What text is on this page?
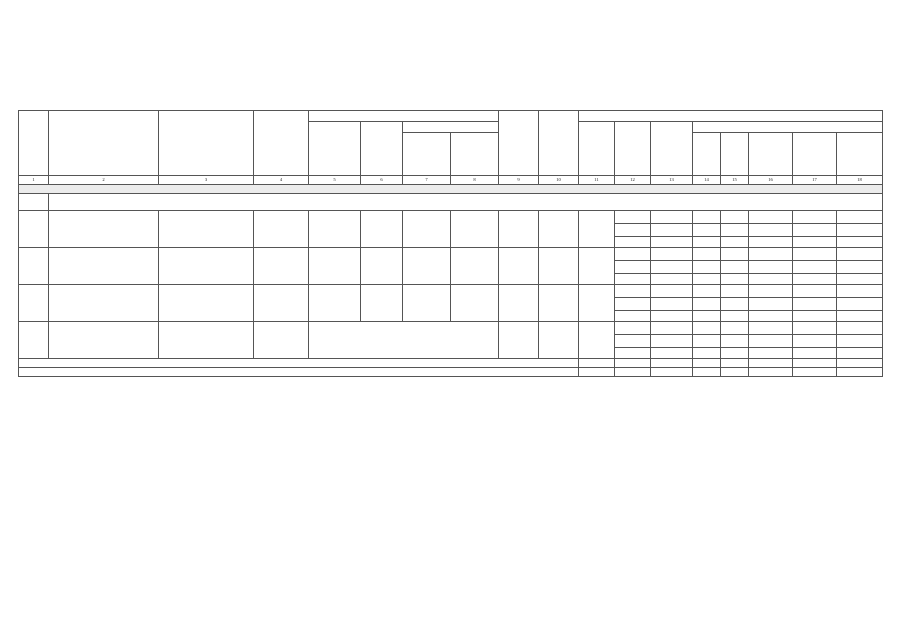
1	2	3	4	5	6	7	8	9	10	11	12	13	14	15	16	17	18
